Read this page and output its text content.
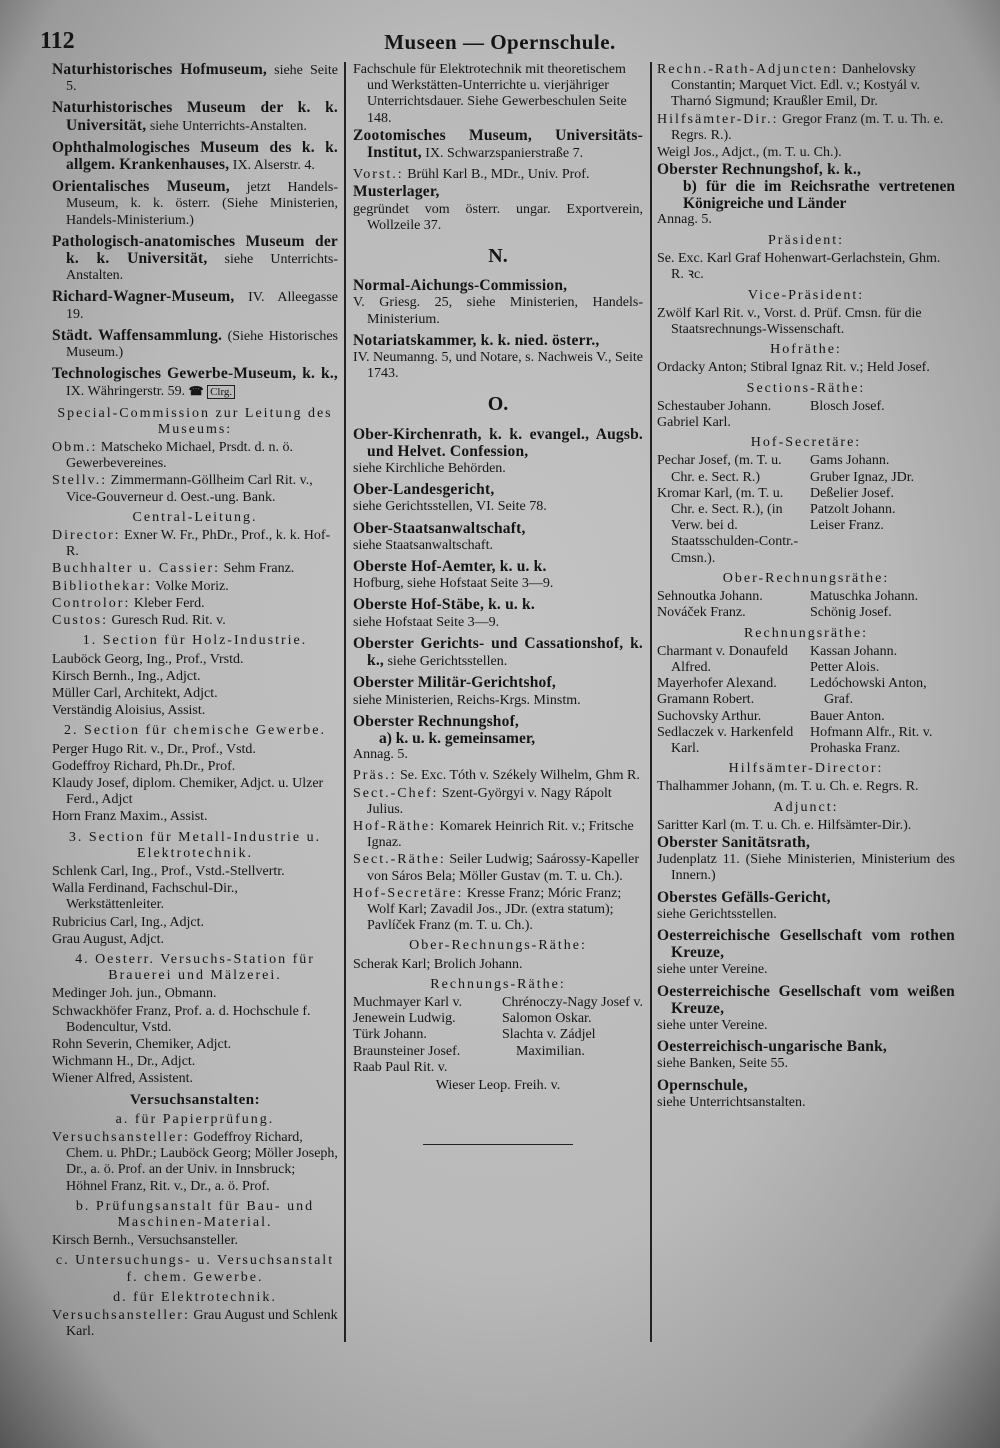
112	Museen — Opernschule.
Naturhistorisches Hofmuseum, siehe Seite 5.
Naturhistorisches Museum der k. k. Universität, siehe Unterrichts-Anstalten.
Ophthalmologisches Museum des k. k. allgem. Krankenhauses, IX. Alserstr. 4.
Orientalisches Museum, jetzt Handels-Museum, k. k. österr. (Siehe Ministerien, Handels-Ministerium.)
Pathologisch-anatomisches Museum der k. k. Universität, siehe Unterrichts-Anstalten.
Richard-Wagner-Museum, IV. Alleegasse 19.
Städt. Waffensammlung. (Siehe Historisches Museum.)
Technologisches Gewerbe-Museum, k. k., IX. Währingerstr. 59. ☎ Clrg.
Special-Commission zur Leitung des Museums:
Obm.: Matscheko Michael, Prsdt. d. n. ö. Gewerbevereines.
Stellv.: Zimmermann-Göllheim Carl Rit. v., Vice-Gouverneur d. Oest.-ung. Bank.
Central-Leitung.
Director: Exner W. Fr., PhDr., Prof., k. k. Hof-R.
Buchhalter u. Cassier: Sehm Franz.
Bibliothekar: Volke Moriz.
Controlor: Kleber Ferd.
Custos: Guresch Rud. Rit. v.
1. Section für Holz-Industrie.
Lauböck Georg, Ing., Prof., Vrstd.
Kirsch Bernh., Ing., Adjct.
Müller Carl, Architekt, Adjct.
Verständig Aloisius, Assist.
2. Section für chemische Gewerbe.
Perger Hugo Rit. v., Dr., Prof., Vstd.
Godeffroy Richard, Ph.Dr., Prof.
Klaudy Josef, diplom. Chemiker, Adjct. u. Ulzer Ferd., Adjct
Horn Franz Maxim., Assist.
3. Section für Metall-Industrie u. Elektrotechnik.
Schlenk Carl, Ing., Prof., Vstd.-Stellvertr.
Walla Ferdinand, Fachschul-Dir., Werkstättenleiter.
Rubricius Carl, Ing., Adjct.
Grau August, Adjct.
4. Oesterr. Versuchs-Station für Brauerei und Mälzerei.
Medinger Joh. jun., Obmann.
Schwackhöfer Franz, Prof. a. d. Hochschule f. Bodencultur, Vstd.
Rohn Severin, Chemiker, Adjct.
Wichmann H., Dr., Adjct.
Wiener Alfred, Assistent.
Versuchsanstalten:
a. für Papierprüfung.
Versuchsansteller: Godeffroy Richard, Chem. u. PhDr.; Lauböck Georg; Möller Joseph, Dr., a. ö. Prof. an der Univ. in Innsbruck; Höhnel Franz, Rit. v., Dr., a. ö. Prof.
b. Prüfungsanstalt für Bau- und Maschinen-Material.
Kirsch Bernh., Versuchsansteller.
c. Untersuchungs- u. Versuchsanstalt f. chem. Gewerbe.
d. für Elektrotechnik.
Versuchsansteller: Grau August und Schlenk Karl.
Fachschule für Elektrotechnik mit theoretischem und Werkstätten-Unterrichte u. vierjähriger Unterrichtsdauer. Siehe Gewerbeschulen Seite 148.
Zootomisches Museum, Universitäts-Institut, IX. Schwarzspanierstraße 7.
Vorst.: Brühl Karl B., MDr., Univ. Prof.
Musterlager,
gegründet vom österr. ungar. Exportverein, Wollzeile 37.
N.
Normal-Aichungs-Commission,
V. Griesg. 25, siehe Ministerien, Handels-Ministerium.
Notariatskammer, k. k. nied. österr.,
IV. Neumanng. 5, und Notare, s. Nachweis V., Seite 1743.
O.
Ober-Kirchenrath, k. k. evangel., Augsb. und Helvet. Confession,
siehe Kirchliche Behörden.
Ober-Landesgericht,
siehe Gerichtsstellen, VI. Seite 78.
Ober-Staatsanwaltschaft,
siehe Staatsanwaltschaft.
Oberste Hof-Aemter, k. u. k.
Hofburg, siehe Hofstaat Seite 3—9.
Oberste Hof-Stäbe, k. u. k.
siehe Hofstaat Seite 3—9.
Oberster Gerichts- und Cassationshof, k. k., siehe Gerichtsstellen.
Oberster Militär-Gerichtshof,
siehe Ministerien, Reichs-Krgs. Minstm.
Oberster Rechnungshof,
a) k. u. k. gemeinsamer,
Annag. 5.
Präs.: Se. Exc. Tóth v. Székely Wilhelm, Ghm R.
Sect.-Chef: Szent-Györgyi v. Nagy Rápolt Julius.
Hof-Räthe: Komarek Heinrich Rit. v.; Fritsche Ignaz.
Sect.-Räthe: Seiler Ludwig; Saárossy-Kapeller von Sáros Bela; Möller Gustav (m. T. u. Ch.).
Hof-Secretäre: Kresse Franz; Móric Franz; Wolf Karl; Zavadil Jos., JDr. (extra statum); Pavlíček Franz (m. T. u. Ch.).
Ober-Rechnungs-Räthe:
Scherak Karl; Brolich Johann.
Rechnungs-Räthe:
Muchmayer Karl v.
Jenewein Ludwig.
Türk Johann.
Braunsteiner Josef.
Raab Paul Rit. v.
Chrénoczy-Nagy Josef v.
Salomon Oskar.
Slachta v. Zádjel Maximilian.
Wieser Leop. Freih. v.
Rechn.-Rath-Adjuncten: Danhelovsky Constantin; Marquet Vict. Edl. v.; Kostyál v. Tharnó Sigmund; Kraußler Emil, Dr.
Hilfsämter-Dir.: Gregor Franz (m. T. u. Th. e. Regrs. R.).
Weigl Jos., Adjct., (m. T. u. Ch.).
Oberster Rechnungshof, k. k.,
b) für die im Reichsrathe vertretenen Königreiche und Länder
Annag. 5.
Präsident:
Se. Exc. Karl Graf Hohenwart-Gerlachstein, Ghm. R. ꝛc.
Vice-Präsident:
Zwölf Karl Rit. v., Vorst. d. Prüf. Cmsn. für die Staatsrechnungs-Wissenschaft.
Hofräthe:
Ordacky Anton; Stibral Ignaz Rit. v.; Held Josef.
Sections-Räthe:
Schestauber Johann.
Gabriel Karl.
Blosch Josef.
Hof-Secretäre:
Pechar Josef, (m. T. u. Chr. e. Sect. R.)
Kromar Karl, (m. T. u. Chr. e. Sect. R.), (in Verw. bei d. Staatsschulden-Contr.-Cmsn.).
Gams Johann.
Gruber Ignaz, JDr.
Deßelier Josef.
Patzolt Johann.
Leiser Franz.
Ober-Rechnungsräthe:
Sehnoutka Johann.
Nováček Franz.
Matuschka Johann.
Schönig Josef.
Rechnungsräthe:
Charmant v. Donaufeld Alfred.
Mayerhofer Alexand.
Gramann Robert.
Suchovsky Arthur.
Sedlaczek v. Harkenfeld Karl.
Kassan Johann.
Petter Alois.
Ledóchowski Anton, Graf.
Bauer Anton.
Hofmann Alfr., Rit. v.
Prohaska Franz.
Hilfsämter-Director:
Thalhammer Johann, (m. T. u. Ch. e. Regrs. R.
Adjunct:
Saritter Karl (m. T. u. Ch. e. Hilfsämter-Dir.).
Oberster Sanitätsrath,
Judenplatz 11. (Siehe Ministerien, Ministerium des Innern.)
Oberstes Gefälls-Gericht,
siehe Gerichtsstellen.
Oesterreichische Gesellschaft vom rothen Kreuze,
siehe unter Vereine.
Oesterreichische Gesellschaft vom weißen Kreuze,
siehe unter Vereine.
Oesterreichisch-ungarische Bank,
siehe Banken, Seite 55.
Opernschule,
siehe Unterrichtsanstalten.
